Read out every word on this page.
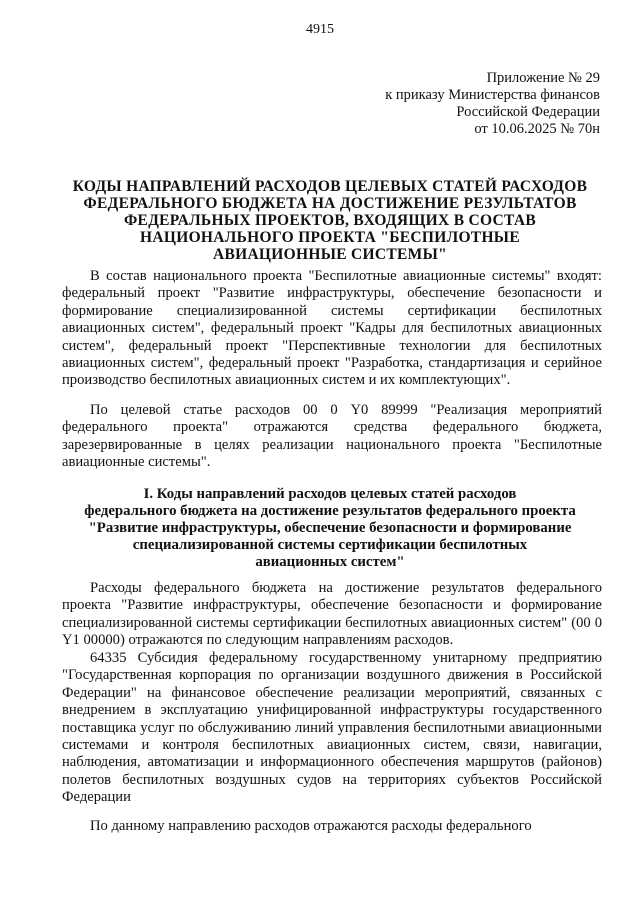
4915
Приложение № 29
к приказу Министерства финансов
Российской Федерации
от 10.06.2025 № 70н
КОДЫ НАПРАВЛЕНИЙ РАСХОДОВ ЦЕЛЕВЫХ СТАТЕЙ РАСХОДОВ
ФЕДЕРАЛЬНОГО БЮДЖЕТА НА ДОСТИЖЕНИЕ РЕЗУЛЬТАТОВ
ФЕДЕРАЛЬНЫХ ПРОЕКТОВ, ВХОДЯЩИХ В СОСТАВ
НАЦИОНАЛЬНОГО ПРОЕКТА "БЕСПИЛОТНЫЕ
АВИАЦИОННЫЕ СИСТЕМЫ"
В состав национального проекта "Беспилотные авиационные системы" входят: федеральный проект "Развитие инфраструктуры, обеспечение безопасности и формирование специализированной системы сертификации беспилотных авиационных систем", федеральный проект "Кадры для беспилотных авиационных систем", федеральный проект "Перспективные технологии для беспилотных авиационных систем", федеральный проект "Разработка, стандартизация и серийное производство беспилотных авиационных систем и их комплектующих".
По целевой статье расходов 00 0 Y0 89999 "Реализация мероприятий федерального проекта" отражаются средства федерального бюджета, зарезервированные в целях реализации национального проекта "Беспилотные авиационные системы".
I. Коды направлений расходов целевых статей расходов
федерального бюджета на достижение результатов федерального проекта
"Развитие инфраструктуры, обеспечение безопасности и формирование
специализированной системы сертификации беспилотных
авиационных систем"
Расходы федерального бюджета на достижение результатов федерального проекта "Развитие инфраструктуры, обеспечение безопасности и формирование специализированной системы сертификации беспилотных авиационных систем" (00 0 Y1 00000) отражаются по следующим направлениям расходов.
64335 Субсидия федеральному государственному унитарному предприятию "Государственная корпорация по организации воздушного движения в Российской Федерации" на финансовое обеспечение реализации мероприятий, связанных с внедрением в эксплуатацию унифицированной инфраструктуры государственного поставщика услуг по обслуживанию линий управления беспилотными авиационными системами и контроля беспилотных авиационных систем, связи, навигации, наблюдения, автоматизации и информационного обеспечения маршрутов (районов) полетов беспилотных воздушных судов на территориях субъектов Российской Федерации
По данному направлению расходов отражаются расходы федерального
